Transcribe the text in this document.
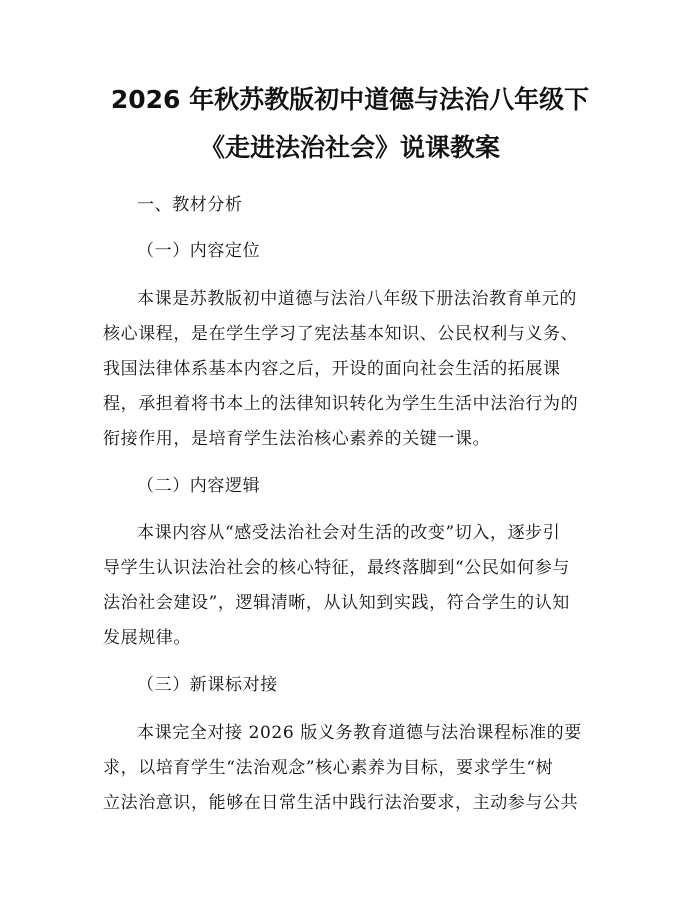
2026 年秋苏教版初中道德与法治八年级下
《走进法治社会》说课教案
一、教材分析
（一）内容定位
本课是苏教版初中道德与法治八年级下册法治教育单元的
核心课程，是在学生学习了宪法基本知识、公民权利与义务、
我国法律体系基本内容之后，开设的面向社会生活的拓展课
程，承担着将书本上的法律知识转化为学生生活中法治行为的
衔接作用，是培育学生法治核心素养的关键一课。
（二）内容逻辑
本课内容从“感受法治社会对生活的改变”切入，逐步引
导学生认识法治社会的核心特征，最终落脚到“公民如何参与
法治社会建设”，逻辑清晰，从认知到实践，符合学生的认知
发展规律。
（三）新课标对接
本课完全对接 2026 版义务教育道德与法治课程标准的要
求，以培育学生“法治观念”核心素养为目标，要求学生“树
立法治意识，能够在日常生活中践行法治要求，主动参与公共
